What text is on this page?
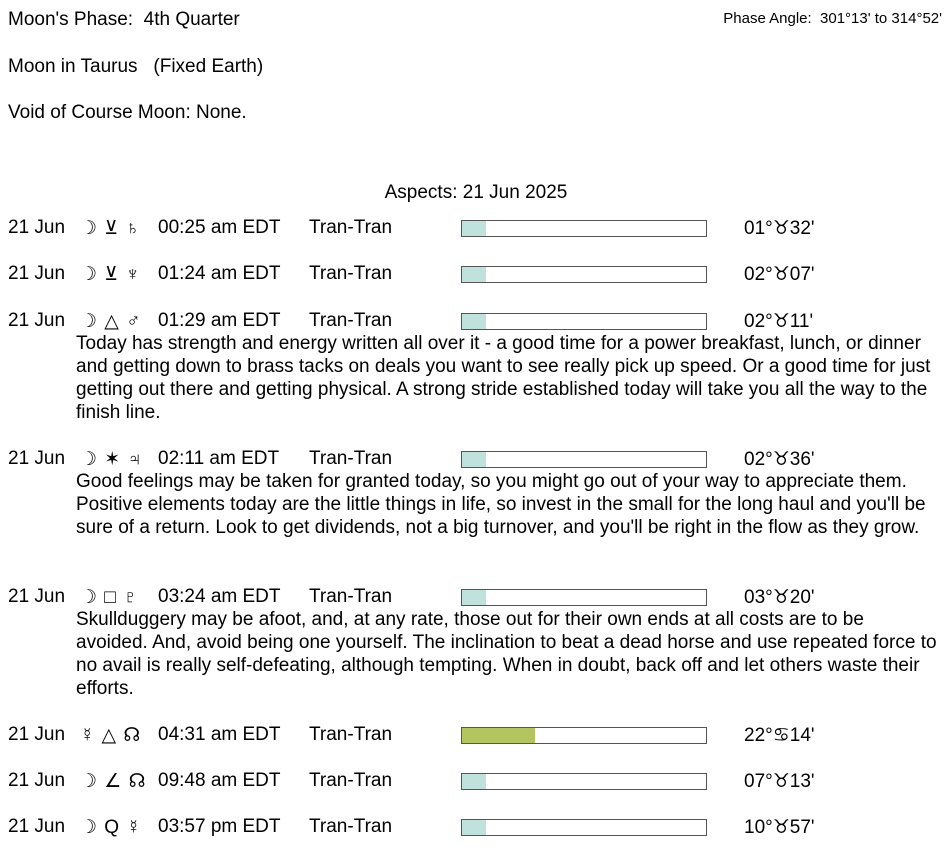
Moon's Phase:  4th Quarter	Phase Angle:  301°13' to 314°52'
Moon in Taurus   (Fixed Earth)
Void of Course Moon: None.
Aspects: 21 Jun 2025
21 Jun ☽ ⊻ ♄ 00:25 am EDT Tran-Tran	01°♉32'
21 Jun ☽ ⊻ ♆ 01:24 am EDT Tran-Tran	02°♉07'
21 Jun ☽ △ ♂ 01:29 am EDT Tran-Tran	02°♉11'

Today has strength and energy written all over it - a good time for a power breakfast, lunch, or dinner and getting down to brass tacks on deals you want to see really pick up speed. Or a good time for just getting out there and getting physical. A strong stride established today will take you all the way to the finish line.

21 Jun ☽ ✶ ♃ 02:11 am EDT Tran-Tran	02°♉36'

Good feelings may be taken for granted today, so you might go out of your way to appreciate them. Positive elements today are the little things in life, so invest in the small for the long haul and you'll be sure of a return. Look to get dividends, not a big turnover, and you'll be right in the flow as they grow.

21 Jun ☽ □ ♇ 03:24 am EDT Tran-Tran	03°♉20'

Skullduggery may be afoot, and, at any rate, those out for their own ends at all costs are to be avoided. And, avoid being one yourself. The inclination to beat a dead horse and use repeated force to no avail is really self-defeating, although tempting. When in doubt, back off and let others waste their efforts.

21 Jun ☿ △ ☊ 04:31 am EDT Tran-Tran	22°♋14'
21 Jun ☽ ∠ ☊ 09:48 am EDT Tran-Tran	07°♉13'
21 Jun ☽ Q ☿ 03:57 pm EDT Tran-Tran	10°♉57'
